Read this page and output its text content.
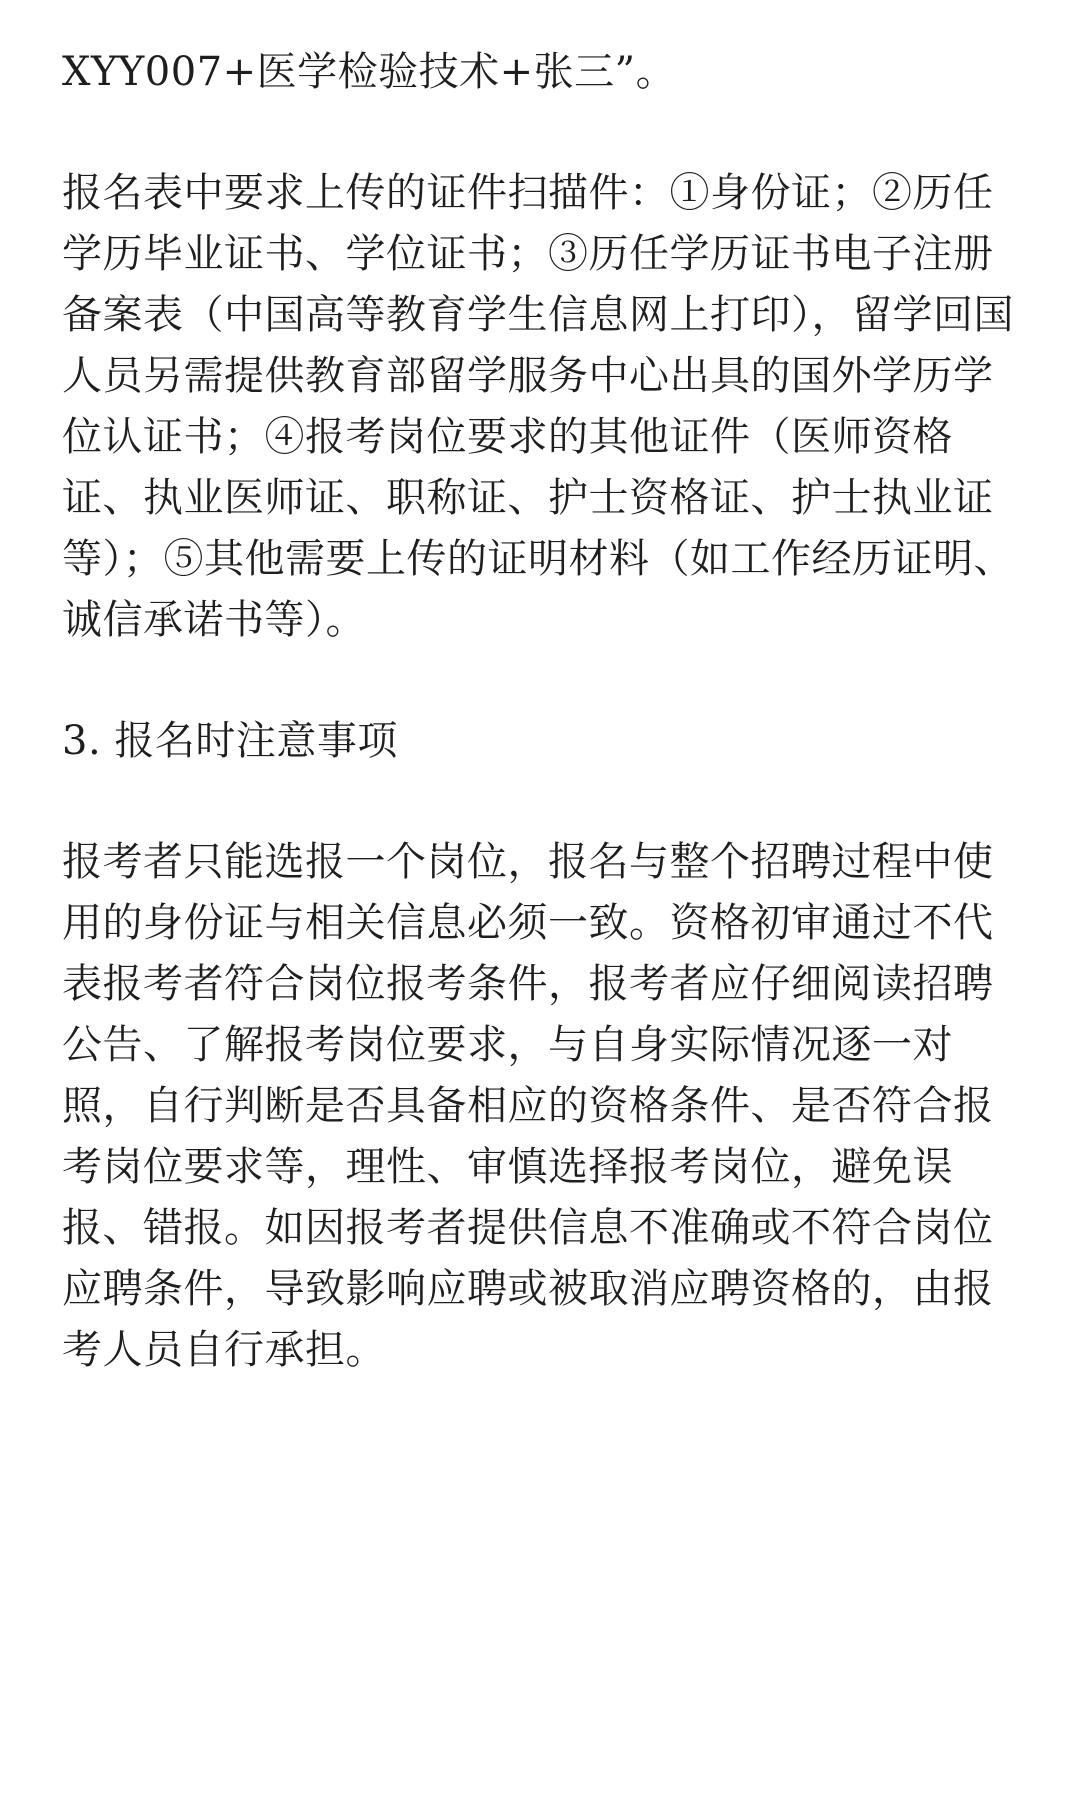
XYY007+医学检验技术+张三”。
报名表中要求上传的证件扫描件：①身份证；②历任
学历毕业证书、学位证书；③历任学历证书电子注册
备案表（中国高等教育学生信息网上打印），留学回国
人员另需提供教育部留学服务中心出具的国外学历学
位认证书；④报考岗位要求的其他证件（医师资格
证、执业医师证、职称证、护士资格证、护士执业证
等）；⑤其他需要上传的证明材料（如工作经历证明、
诚信承诺书等）。
3. 报名时注意事项
报考者只能选报一个岗位，报名与整个招聘过程中使
用的身份证与相关信息必须一致。资格初审通过不代
表报考者符合岗位报考条件，报考者应仔细阅读招聘
公告、了解报考岗位要求，与自身实际情况逐一对
照，自行判断是否具备相应的资格条件、是否符合报
考岗位要求等，理性、审慎选择报考岗位，避免误
报、错报。如因报考者提供信息不准确或不符合岗位
应聘条件，导致影响应聘或被取消应聘资格的，由报
考人员自行承担。
